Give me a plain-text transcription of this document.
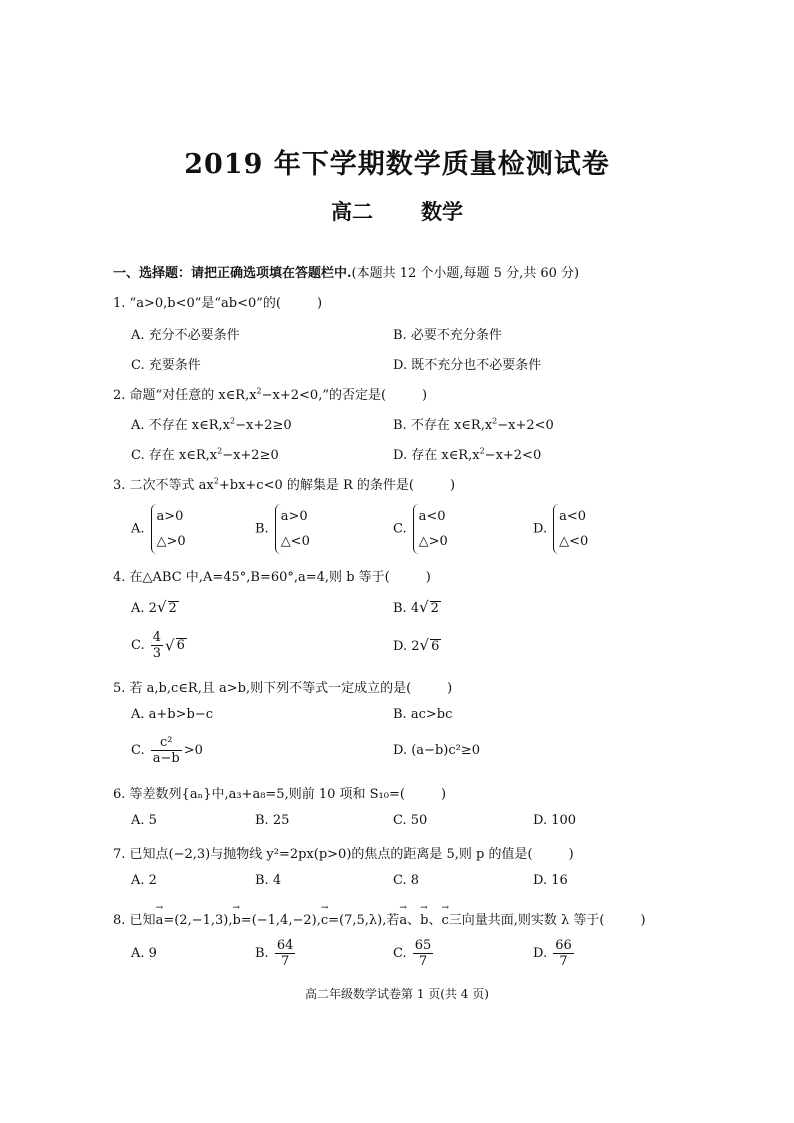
2019 年下学期数学质量检测试卷
高二 数学
一、选择题：请把正确选项填在答题栏中.(本题共 12 个小题,每题 5 分,共 60 分)
1. “a>0,b<0”是“ab<0”的(	)
A. 充分不必要条件	B. 必要不充分条件
C. 充要条件	D. 既不充分也不必要条件
2. 命题“对任意的 $x\in R,x^2-x+2<0$,”的否定是(	)
A. 不存在 $x\in R,x^2-x+2\ge 0$	B. 不存在 $x\in R,x^2-x+2<0$
C. 存在 $x\in R,x^2-x+2\ge 0$	D. 存在 $x\in R,x^2-x+2<0$
3. 二次不等式 $ax^2+bx+c<0$ 的解集是 R 的条件是(	)
A.
a>0
△>0
B.
a>0
△<0
C.
a<0
△>0
D.
a<0
△<0
4. 在△ABC 中,A=45°,B=60°,a=4,则 b 等于(	)
A. 2√ 2	B. 4√ 2
C. $\frac{4}{3}$ √ 6	D. 2√ 6
5. 若 a,b,c∈R,且 a>b,则下列不等式一定成立的是(	)
A. a+b>b−c	B. ac>bc
C. $\frac{\text{c²}}{a-b} >0$	D. (a−b)c²≥0
6. 等差数列{aₙ}中,a₃+a₈=5,则前 10 项和 S₁₀=(	)
A. 5	B. 25	C. 50	D. 100
7. 已知点(−2,3)与抛物线 y²=2px(p>0)的焦点的距离是 5,则 p 的值是(	)
A. 2	B. 4	C. 8	D. 16
8. 已知→ a=(2,−1,3),→ b=(−1,4,−2),→ c=(7,5,λ),若→ a、→ b、→ c三向量共面,则实数 λ 等于(	)
A. 9	B. $\frac{64}{7}$	C. $\frac{65}{7}$	D. $\frac{66}{7}$
高二年级数学试卷第 1 页(共 4 页)
